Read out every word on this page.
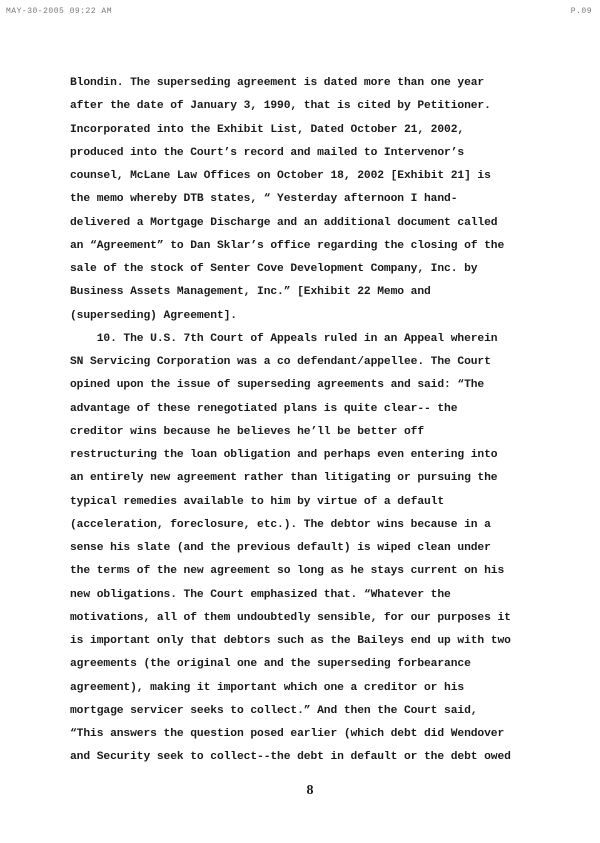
MAY-30-2005 09:22 AM	P.09
Blondin. The superseding agreement is dated more than one year
after the date of January 3, 1990, that is cited by Petitioner.
Incorporated into the Exhibit List, Dated October 21, 2002,
produced into the Court’s record and mailed to Intervenor’s
counsel, McLane Law Offices on October 18, 2002 [Exhibit 21] is
the memo whereby DTB states, “ Yesterday afternoon I hand-
delivered a Mortgage Discharge and an additional document called
an “Agreement” to Dan Sklar’s office regarding the closing of the
sale of the stock of Senter Cove Development Company, Inc. by
Business Assets Management, Inc.” [Exhibit 22 Memo and
(superseding) Agreement].
10. The U.S. 7th Court of Appeals ruled in an Appeal wherein
SN Servicing Corporation was a co defendant/appellee. The Court
opined upon the issue of superseding agreements and said: “The
advantage of these renegotiated plans is quite clear-- the
creditor wins because he believes he’ll be better off
restructuring the loan obligation and perhaps even entering into
an entirely new agreement rather than litigating or pursuing the
typical remedies available to him by virtue of a default
(acceleration, foreclosure, etc.). The debtor wins because in a
sense his slate (and the previous default) is wiped clean under
the terms of the new agreement so long as he stays current on his
new obligations. The Court emphasized that. “Whatever the
motivations, all of them undoubtedly sensible, for our purposes it
is important only that debtors such as the Baileys end up with two
agreements (the original one and the superseding forbearance
agreement), making it important which one a creditor or his
mortgage servicer seeks to collect.” And then the Court said,
“This answers the question posed earlier (which debt did Wendover
and Security seek to collect--the debt in default or the debt owed
8
